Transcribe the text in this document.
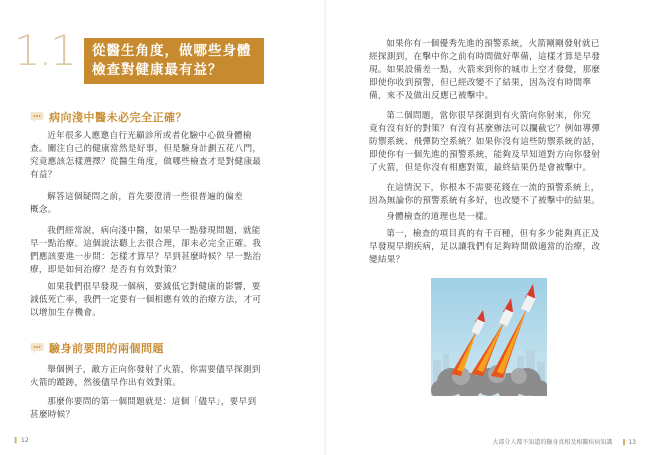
1.1 從醫生角度，做哪些身體
檢查對健康最有益？
病向淺中醫未必完全正確？
近年很多人應邀自行光顧診所或者化驗中心做身體檢
查。關注自己的健康當然是好事，但是驗身計劃五花八門，
究竟應該怎樣選擇？從醫生角度，做哪些檢查才是對健康最
有益？
解答這個疑問之前，首先要澄清一些很普遍的偏差
概念。
我們經常說，病向淺中醫，如果早一點發現問題，就能
早一點治療。這個說法聽上去很合理，卻未必完全正確。我
們應該要進一步問：怎樣才算早？早到甚麼時候？早一點治
療，即是如何治療？是否有有效對策？
如果我們很早發現一個病，要減低它對健康的影響，要
減低死亡率，我們一定要有一個相應有效的治療方法，才可
以增加生存機會。
驗身前要問的兩個問題
舉個例子，敵方正向你發射了火箭，你需要儘早探測到
火箭的蹤跡，然後儘早作出有效對策。
那麼你要問的第一個問題就是：這個「儘早」，要早到
甚麼時候？
‖ 12
如果你有一個優秀先進的預警系統，火箭剛剛發射就已
經探測到，在擊中你之前有時間做好準備，這樣才算是早發
現。如果設備差一點，火箭來到你的城市上空才發覺，那麼
即使你收到預警，但已經改變不了結果，因為沒有時間準
備，來不及做出反應已被擊中。
第二個問題，當你很早探測到有火箭向你射來，你究
竟有沒有好的對策？有沒有甚麼辦法可以攔截它？例如導彈
防禦系統、飛彈防空系統？如果你沒有這些防禦系統的話，
即使你有一個先進的預警系統，能夠及早知道對方向你發射
了火箭，但是你沒有相應對策，最終結果仍是會被擊中。
在這情況下，你根本不需要花錢在一流的預警系統上，
因為無論你的預警系統有多好，也改變不了被擊中的結果。
身體檢查的道理也是一樣。
第一，檢查的項目真的有千百種，但有多少能夠真正及
早發現早期疾病，足以讓我們有足夠時間做適當的治療，改
變結果？
大部分人都不知道的驗身真相及相關疾病知識 ‖ 13
